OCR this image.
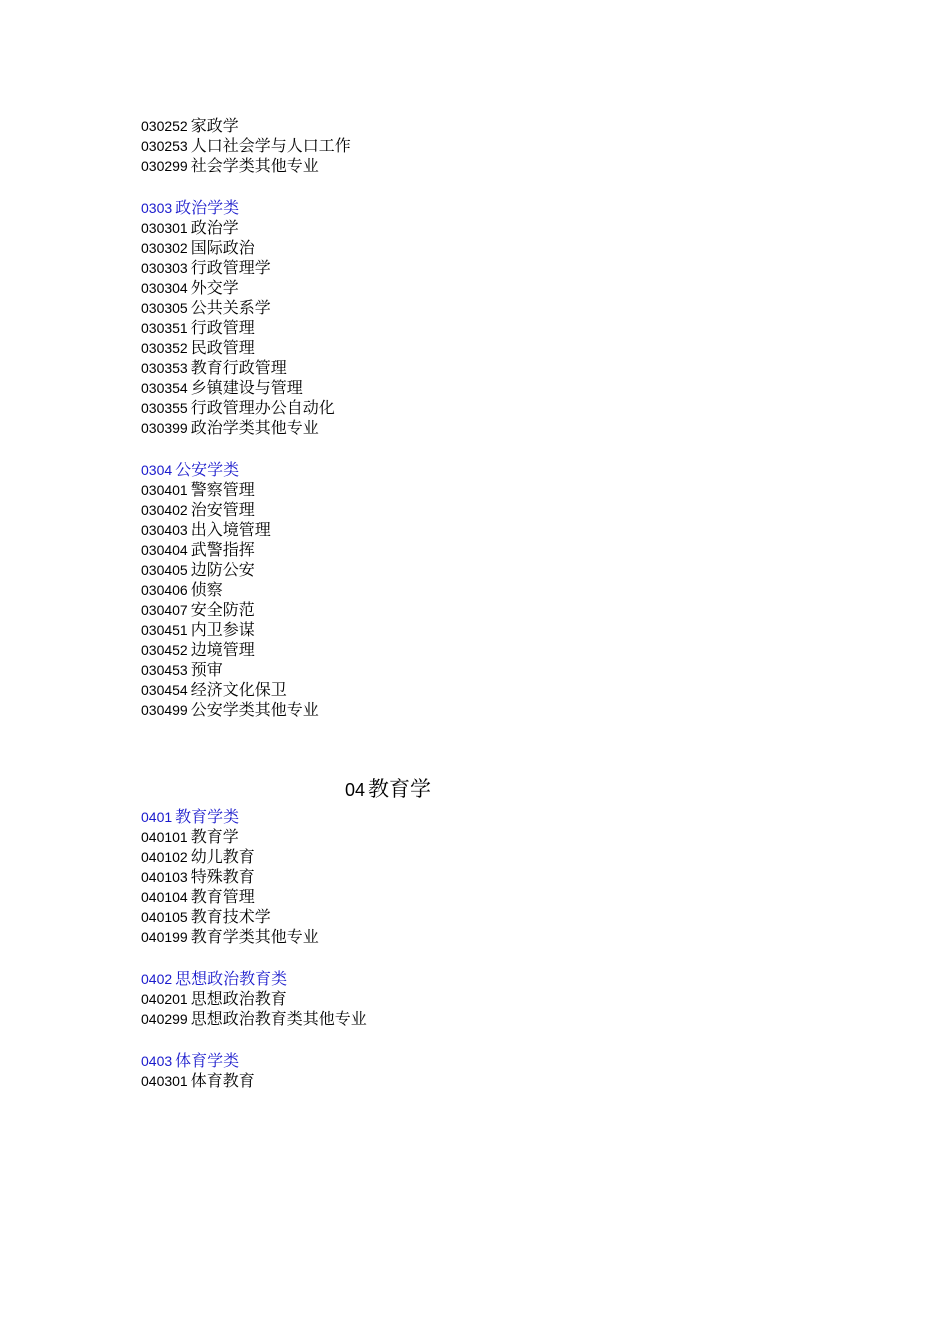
030252 家政学
030253 人口社会学与人口工作
030299 社会学类其他专业
0303 政治学类
030301 政治学
030302 国际政治
030303 行政管理学
030304 外交学
030305 公共关系学
030351 行政管理
030352 民政管理
030353 教育行政管理
030354 乡镇建设与管理
030355 行政管理办公自动化
030399 政治学类其他专业
0304 公安学类
030401 警察管理
030402 治安管理
030403 出入境管理
030404 武警指挥
030405 边防公安
030406 侦察
030407 安全防范
030451 内卫参谋
030452 边境管理
030453 预审
030454 经济文化保卫
030499 公安学类其他专业
04 教育学
0401 教育学类
040101 教育学
040102 幼儿教育
040103 特殊教育
040104 教育管理
040105 教育技术学
040199 教育学类其他专业
0402 思想政治教育类
040201 思想政治教育
040299 思想政治教育类其他专业
0403 体育学类
040301 体育教育
